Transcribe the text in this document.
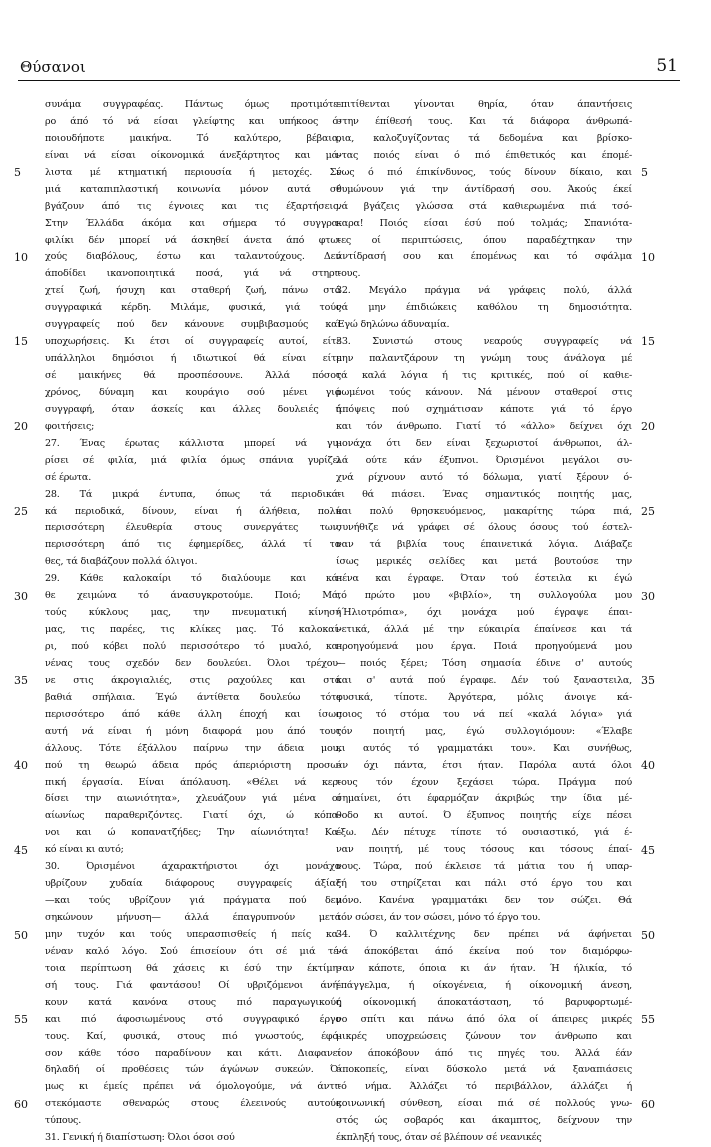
Θύσανοι	51
5
10
15
20
25
30
35
40
45
50
55
60
συνάμα συγγραφέας. Πάντως όμως προτιμότε-
ρο άπό τό νά είσαι γλείφτης και υπήκοος ό-
ποιουδήποτε μαικήνα. Τό καλύτερο, βέβαια,
είναι νά είσαι οίκονομικά άνεξάρτητος και μά-
λιστα μέ κτηματική περιουσία ή μετοχές. Σέ
μιά καταπιπλαστική κοινωνία μόνον αυτά σέ
βγάζουν άπό τις έγνοιες και τις έξαρτήσεις.
Στην Έλλάδα άκόμα και σήμερα τό συγγρα-
φιλίκι δέν μπορεί νά άσκηθεί άνετα άπό φτω-
χούς διαβόλους, έστω και ταλαντούχους. Δεν
άποδίδει ικανοποιητικά ποσά, γιά νά στηρι-
χτεί ζωή, ήσυχη και σταθερή ζωή, πάνω στά
συγγραφικά κέρδη. Μιλάμε, φυσικά, γιά τούς
συγγραφείς πού δεν κάνουνε συμβιβασμούς και
υποχωρήσεις. Κι έτσι οί συγγραφείς αυτοί, είτε
υπάλληλοι δημόσιοι ή ιδιωτικοί θά είναι είτε
σέ μαικήνες θά προσπέσουνε. Άλλά πόσος
χρόνος, δύναμη και κουράγιο σού μένει γιά
συγγραφή, όταν άσκείς και άλλες δουλειές ή
φοιτήσεις;
27. Ένας έρωτας κάλλιστα μπορεί νά γυ-
ρίσει σέ φιλία, μιά φιλία όμως σπάνια γυρίζει
σέ έρωτα.
28. Τά μικρά έντυπα, όπως τά περιοδικά-
κά περιοδικά, δίνουν, είναι ή άλήθεια, πολύ
περισσότερη έλευθερία στους συνεργάτες των,
περισσότερη άπό τις έφημερίδες, άλλά τί τα
θες, τά διαβάζουν πολλά όλιγοι.
29. Κάθε καλοκαίρι τό διαλύουμε και κά-
θε χειμώνα τό άνασυγκροτούμε. Ποιό; Μά,
τούς κύκλους μας, την πνευματική κίνησή
μας, τις παρέες, τις κλίκες μας. Τό καλοκαί-
ρι, πού κόβει πολύ περισσότερο τό μυαλό, κα-
νένας τους σχεδόν δεν δουλεύει. Όλοι τρέχου-
νε στις άκρογιαλιές, στις ραχούλες και στά
βαθιά σπήλαια. Έγώ άντίθετα δουλεύω τότε
περισσότερο άπό κάθε άλλη έποχή και ίσως
αυτή νά είναι ή μόνη διαφορά μου άπό τους
άλλους. Τότε έξάλλου παίρνω την άδεια μου,
πού τη θεωρώ άδεια πρός άπεριόριστη προσω-
πική έργασία. Είναι άπόλαυση. «Θέλει νά κερ-
δίσει την αιωνιότητα», χλευάζουν γιά μένα οί
αίωνίως παραθεριζόντες. Γιατί όχι, ώ κόπα-
νοι και ώ κοπανατζήδες; Την αίωνιότητα! Κα-
κό είναι κι αυτό;
30. Όρισμένοι άχαρακτήριστοι όχι μονάχα
υβρίζουν χυδαία διάφορους συγγραφείς άξίας
—και τούς υβρίζουν γιά πράγματα πού δεν
σηκώνουν μήνυση— άλλά έπαγρυπνούν μετά
μην τυχόν και τούς υπερασπισθείς ή πείς κα-
νέναν καλό λόγο. Σού έπισείουν ότι σέ μιά τέ-
τοια περίπτωση θά χάσεις κι έσύ την έκτίμη-
σή τους. Γιά φαντάσου! Οί υβριζόμενοι άνή-
κουν κατά κανόνα στους πιό παραγωγικούς
και πιό άφοσιωμένους στό συγγραφικό έργο
τους. Καί, φυσικά, στους πιό γνωστούς, έφό-
σον κάθε τόσο παραδίνουν και κάτι. Διαφανεί
δηλαδή οί προθέσεις τών άγώνων συκεών. Ό-
μως κι έμείς πρέπει νά όμολογούμε, νά άντι-
στεκόμαστε σθεναρώς στους έλεεινούς αυτούς
τύπους.
31. Γενική ή διαπίστωση: Όλοι όσοι σού
επιτίθενται γίνονται θηρία, όταν άπαντήσεις
στην έπίθεσή τους. Και τά διάφορα άνθρωπά-
ρια, καλοζυγίζοντας τά δεδομένα και βρίσκο-
ντας ποιός είναι ό πιό έπιθετικός και έπομέ-
νως ό πιό έπικίνδυνος, τούς δίνουν δίκαιο, και
θυμώνουν γιά την άντίδρασή σου. Άκούς έκεί
νά βγάζεις γλώσσα στά καθιερωμένα πιά τσό-
καρα! Ποιός είσαι έσύ πού τολμάς; Σπανιότα-
τες οί περιπτώσεις, όπου παραδέχτηκαν την
άντίδρασή σου και έπομένως και τό σφάλμα
τους.
32. Μεγάλο πράγμα νά γράφεις πολύ, άλλά
νά μην έπιδιώκεις καθόλου τη δημοσιότητα.
Έγώ δηλώνω άδυναμία.
33. Συνιστώ στους νεαρούς συγγραφείς νά
μην παλαντζάρουν τη γνώμη τους άνάλογα μέ
τά καλά λόγια ή τις κριτικές, πού οί καθιε-
ρωμένοι τούς κάνουν. Νά μένουν σταθεροί στις
άπόψεις πού σχημάτισαν κάποτε γιά τό έργο
και τόν άνθρωπο. Γιατί τό «άλλο» δείχνει όχι
μονάχα ότι δεν είναι ξεχωριστοί άνθρωποι, άλ-
λά ούτε κάν έξυπνοι. Όρισμένοι μεγάλοι συ-
χνά ρίχνουν αυτό τό δόλωμα, γιατί ξέρουν ό-
τι θά πιάσει. Ένας σημαντικός ποιητής μας,
και πολύ θρησκευόμενος, μακαρίτης τώρα πιά,
συνήθιζε νά γράφει σέ όλους όσους τού έστελ-
ναν τά βιβλία τους έπαινετικά λόγια. Διάβαζε
ίσως μερικές σελίδες και μετά βουτούσε την
πένα και έγραφε. Όταν τού έστειλα κι έγώ
τό πρώτο μου «βιβλίο», τη συλλογούλα μου
«Ήλιοτρόπια», όχι μονάχα μού έγραψε έπαι-
νετικά, άλλά μέ την εύκαιρία έπαίνεσε και τά
προηγούμενά μου έργα. Ποιά προηγούμενά μου
— ποιός ξέρει; Τόση σημασία έδινε σ' αυτούς
και σ' αυτά πού έγραφε. Δέν τού ξαναστειλα,
φυσικά, τίποτε. Άργότερα, μόλις άνοιγε κά-
ποιος τό στόμα του νά πεί «καλά λόγια» γιά
τόν ποιητή μας, έγώ συλλογιόμουν: «Έλαβε
κι αυτός τό γραμματάκι του». Και συνήθως,
άν όχι πάντα, έτσι ήταν. Παρόλα αυτά όλοι
τους τόν έχουν ξεχάσει τώρα. Πράγμα πού
σημαίνει, ότι έφαρμόζαν άκριβώς την ίδια μέ-
θοδο κι αυτοί. Ό έξυπνος ποιητής είχε πέσει
έξω. Δέν πέτυχε τίποτε τό ουσιαστικό, γιά έ-
ναν ποιητή, μέ τους τόσους και τόσους έπαί-
νους. Τώρα, πού έκλεισε τά μάτια του ή υπαρ-
ξή του στηρίζεται και πάλι στό έργο του και
μόνο. Κανένα γραμματάκι δεν τον σώζει. Θά
τόν σώσει, άν τον σώσει, μόνο τό έργο του.
34. Ό καλλιτέχνης δεν πρέπει νά άφήνεται
νά άποκόβεται άπό έκείνα πού τον διαμόρφω-
σαν κάποτε, όποια κι άν ήταν. Ή ήλικία, τό
έπάγγελμα, ή οίκογένεια, ή οίκονομική άνεση,
ή οίκονομική άποκατάσταση, τό βαρυφορτωμέ-
νο σπίτι και πάνω άπό όλα οί άπειρες μικρές
μικρές υποχρεώσεις ζώνουν τον άνθρωπο και
τον άποκόβουν άπό τις πηγές του. Άλλά έάν
άποκοπείς, είναι δύσκολο μετά νά ξαναπιάσεις
τό νήμα. Άλλάζει τό περιβάλλον, άλλάζει ή
κοινωνική σύνθεση, είσαι πιά σέ πολλούς γνω-
στός ώς σοβαρός και άκαμπτος, δείχνουν την
έκπληξή τους, όταν σέ βλέπουν σέ νεανικές
5
10
15
20
25
30
35
40
45
50
55
60
